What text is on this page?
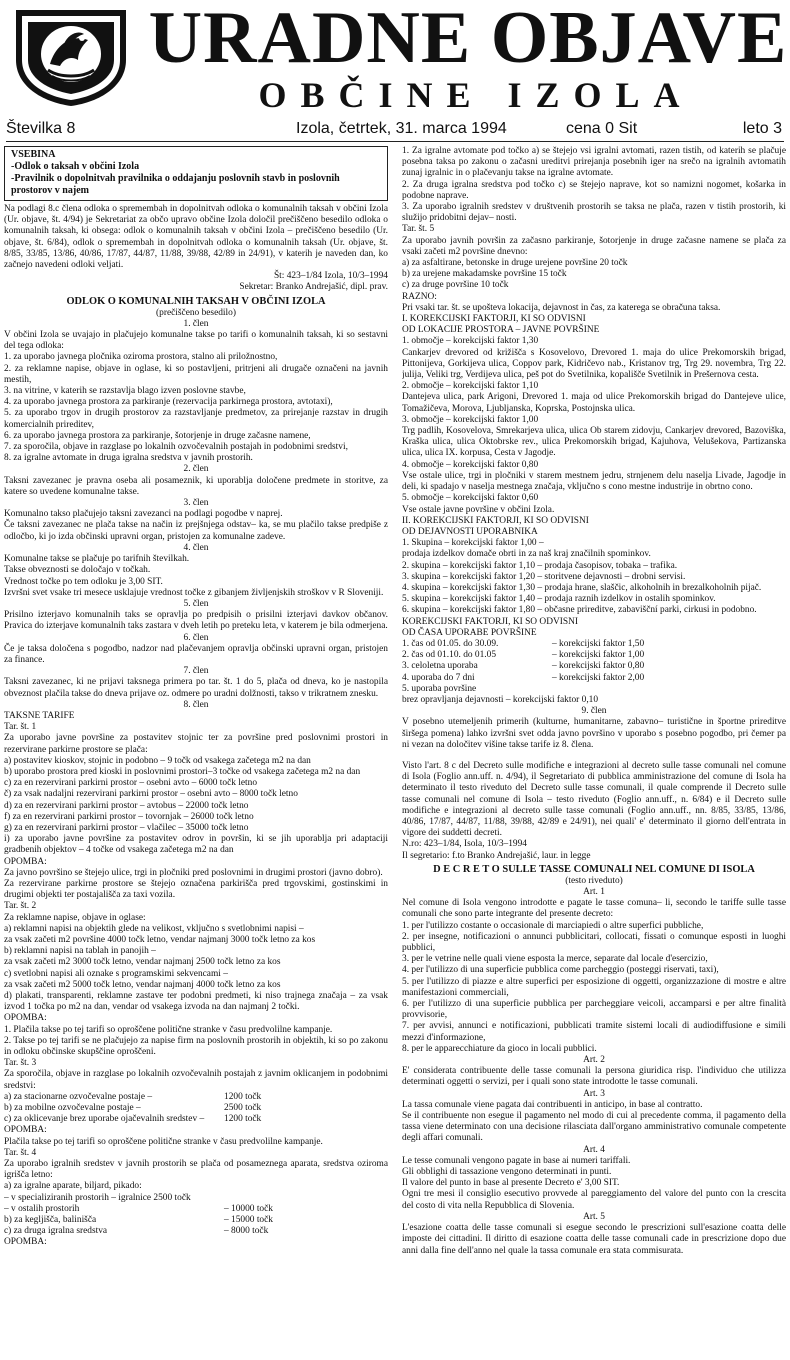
URADNE OBJAVE
OBČINE IZOLA
Številka 8	Izola, četrtek, 31. marca 1994	cena 0 Sit	leto 3
VSEBINA
-Odlok o taksah v občini Izola
-Pravilnik o dopolnitvah pravilnika o oddajanju poslovnih stavb in poslovnih prostorov v najem

Na podlagi 8.c člena odloka o spremembah in dopolnitvah odloka o komunalnih taksah v občini Izola (Ur. objave, št. 4/94) je Sekretariat za občo upravo občine Izola določil prečiščeno besedilo odloka o komunalnih taksah, ki obsega: odlok o komunalnih taksah v občini Izola – prečiščeno besedilo (Ur. objave, št. 6/84), odlok o spremembah in dopolnitvah odloka o komunalnih taksah (Ur. objave, št. 8/85, 33/85, 13/86, 40/86, 17/87, 44/87, 11/88, 39/88, 42/89 in 24/91), v katerih je naveden dan, ko začnejo navedeni odloki veljati.

Št: 423–1/84 Izola, 10/3–1994

Sekretar: Branko Andrejašić, dipl. prav.

ODLOK O KOMUNALNIH TAKSAH V OBČINI IZOLA

(prečiščeno besedilo)

1. člen

V občini Izola se uvajajo in plačujejo komunalne takse po tarifi o komunalnih taksah, ki so sestavni del tega odloka:

1. za uporabo javnega pločnika oziroma prostora, stalno ali priložnostno,

2. za reklamne napise, objave in oglase, ki so postavljeni, pritrjeni ali drugače označeni na javnih mestih,

3. na vitrine, v katerih se razstavlja blago izven poslovne stavbe,

4. za uporabo javnega prostora za parkiranje (rezervacija parkirnega prostora, avtotaxi),

5. za uporabo trgov in drugih prostorov za razstavljanje predmetov, za prirejanje razstav in drugih komercialnih prireditev,

6. za uporabo javnega prostora za parkiranje, šotorjenje in druge začasne namene,

7. za sporočila, objave in razglase po lokalnih ozvočevalnih postajah in podobnimi sredstvi,

8. za igralne avtomate in druga igralna sredstva v javnih prostorih.

2. člen

Taksni zavezanec je pravna oseba ali posameznik, ki uporablja določene predmete in storitve, za katere so uvedene komunalne takse.

3. člen

Komunalno takso plačujejo taksni zavezanci na podlagi pogodbe v naprej.

Če taksni zavezanec ne plača takse na način iz prejšnjega odstav– ka, se mu plačilo takse predpiše z odločbo, ki jo izda občinski upravni organ, pristojen za komunalne zadeve.

4. člen

Komunalne takse se plačuje po tarifnih številkah.

Takse obveznosti se določajo v točkah.

Vrednost točke po tem odloku je 3,00 SIT.

Izvršni svet vsake tri mesece usklajuje vrednost točke z gibanjem življenjskih stroškov v R Sloveniji.

5. člen

Prisilno izterjavo komunalnih taks se opravlja po predpisih o prisilni izterjavi davkov občanov. Pravica do izterjave komunalnih taks zastara v dveh letih po preteku leta, v katerem je bila odmerjena.

6. člen

Če je taksa določena s pogodbo, nadzor nad plačevanjem opravlja občinski upravni organ, pristojen za finance.

7. člen

Taksni zavezanec, ki ne prijavi taksnega primera po tar. št. 1 do 5, plača od dneva, ko je nastopila obveznost plačila takse do dneva prijave oz. odmere po uradni dolžnosti, takso v trikratnem znesku.

8. člen

TAKSNE TARIFE

Tar. št. 1

Za uporabo javne površine za postavitev stojnic ter za površine pred poslovnimi prostori in rezervirane parkirne prostore se plača:

a) postavitev kioskov, stojnic in podobno – 9 točk od vsakega začetega m2 na dan

b) uporabo prostora pred kioski in poslovnimi prostori–3 točke od vsakega začetega m2 na dan

c) za en rezervirani parkirni prostor – osebni avto – 6000 točk letno

č) za vsak nadaljni rezervirani parkirni prostor – osebni avto – 8000 točk letno

d) za en rezervirani parkirni prostor – avtobus – 22000 točk letno

f) za en rezervirani parkirni prostor – tovornjak – 26000 točk letno

g) za en rezervirani parkirni prostor – vlačilec – 35000 točk letno

i) za uporabo javne površine za postavitev odrov in površin, ki se jih uporablja pri adaptaciji gradbenih objektov – 4 točke od vsakega začetega m2 na dan

OPOMBA:

Za javno površino se štejejo ulice, trgi in pločniki pred poslovnimi in drugimi prostori (javno dobro).

Za rezervirane parkirne prostore se štejejo označena parkirišča pred trgovskimi, gostinskimi in drugimi objekti ter postajališča za taxi vozila.

Tar. št. 2

Za reklamne napise, objave in oglase:

a) reklamni napisi na objektih glede na velikost, vključno s svetlobnimi napisi –

za vsak začeti m2 površine 4000 točk letno, vendar najmanj 3000 točk letno za kos

b) reklamni napisi na tablah in panojih –

za vsak začeti m2 3000 točk letno, vendar najmanj 2500 točk letno za kos

c) svetlobni napisi ali oznake s programskimi sekvencami –

za vsak začeti m2 5000 točk letno, vendar najmanj 4000 točk letno za kos

d) plakati, transparenti, reklamne zastave ter podobni predmeti, ki niso trajnega značaja – za vsak izvod 1 točka po m2 na dan, vendar od vsakega izvoda na dan najmanj 2 točki.

OPOMBA:

1. Plačila takse po tej tarifi so oproščene politične stranke v času predvolilne kampanje.

2. Takse po tej tarifi se ne plačujejo za napise firm na poslovnih prostorih in objektih, ki so po zakonu in odloku občinske skupščine oproščeni.

Tar. št. 3

Za sporočila, objave in razglase po lokalnih ozvočevalnih postajah z javnim oklicanjem in podobnimi sredstvi:

a) za stacionarne ozvočevalne postaje –	1200 točk
b) za mobilne ozvočevalne postaje –	2500 točk
c) za oklicevanje brez uporabe ojačevalnih sredstev –	1200 točk

OPOMBA:

Plačila takse po tej tarifi so oproščene politične stranke v času predvolilne kampanje.

Tar. št. 4

Za uporabo igralnih sredstev v javnih prostorih se plača od posameznega aparata, sredstva oziroma igrišča letno:

a) za igralne aparate, biljard, pikado:

– v specializiranih prostorih – igralnice 2500 točk
– v ostalih prostorih	– 10000 točk
b) za kegljišča, balinišča	– 15000 točk
c) za druga igralna sredstva	– 8000 točk

OPOMBA:

1. Za igralne avtomate pod točko a) se štejejo vsi igralni avtomati, razen tistih, od katerih se plačuje posebna taksa po zakonu o začasni ureditvi prirejanja posebnih iger na srečo na igralnih avtomatih zunaj igralnic in o plačevanju takse na igralne avtomate.

2. Za druga igralna sredstva pod točko c) se štejejo naprave, kot so namizni nogomet, košarka in podobne naprave.

3. Za uporabo igralnih sredstev v društvenih prostorih se taksa ne plača, razen v tistih prostorih, ki služijo pridobitni dejav– nosti.

Tar. št. 5

Za uporabo javnih površin za začasno parkiranje, šotorjenje in druge začasne namene se plača za vsaki začeti m2 površine dnevno:

a) za asfaltirane, betonske in druge urejene površine 20 točk

b) za urejene makadamske površine 15 točk

c) za druge površine 10 točk

RAZNO:

Pri vsaki tar. št. se upošteva lokacija, dejavnost in čas, za katerega se obračuna taksa.

I. KOREKCIJSKI FAKTORJI, KI SO ODVISNI

OD LOKACIJE PROSTORA – JAVNE POVRŠINE

1. območje – korekcijski faktor 1,30

Cankarjev drevored od križišča s Kosovelovo, Drevored 1. maja do ulice Prekomorskih brigad, Pittonijeva, Gorkijeva ulica, Coppov park, Kidričevo nab., Kristanov trg, Trg 29. novembra, Trg 22. julija, Veliki trg, Verdijeva ulica, peš pot do Svetilnika, kopališče Svetilnik in Prešernova cesta.

2. območje – korekcijski faktor 1,10

Dantejeva ulica, park Arigoni, Drevored 1. maja od ulice Prekomorskih brigad do Dantejeve ulice, Tomažičeva, Morova, Ljubljanska, Koprska, Postojnska ulica.

3. območje – korekcijski faktor 1,00

Trg padlih, Kosovelova, Smrekarjeva ulica, ulica Ob starem zidovju, Cankarjev drevored, Bazoviška, Kraška ulica, ulica Oktobrske rev., ulica Prekomorskih brigad, Kajuhova, Velušekova, Partizanska ulica, ulica IX. korpusa, Cesta v Jagodje.

4. območje – korekcijski faktor 0,80

Vse ostale ulice, trgi in pločniki v starem mestnem jedru, strnjenem delu naselja Livade, Jagodje in deli, ki spadajo v naselja mestnega značaja, vključno s cono mestne industrije in obrtno cono.

5. območje – korekcijski faktor 0,60

Vse ostale javne površine v občini Izola.

II. KOREKCIJSKI FAKTORJI, KI SO ODVISNI

OD DEJAVNOSTI UPORABNIKA

1. Skupina – korekcijski faktor 1,00 –

prodaja izdelkov domače obrti in za naš kraj značilnih spominkov.

2. skupina – korekcijski faktor 1,10 – prodaja časopisov, tobaka – trafika.

3. skupina – korekcijski faktor 1,20 – storitvene dejavnosti – drobni servisi.

4. skupina – korekcijski faktor 1,30 – prodaja hrane, slaščic, alkoholnih in brezalkoholnih pijač.

5. skupina – korekcijski faktor 1,40 – prodaja raznih izdelkov in ostalih spominkov.

6. skupina – korekcijski faktor 1,80 – občasne prireditve, zabavišční parki, cirkusi in podobno.

KOREKCIJSKI FAKTORJI, KI SO ODVISNI

OD ČASA UPORABE POVRŠINE

1. čas od 01.05. do 30.09.	– korekcijski faktor 1,50
2. čas od 01.10. do 01.05	– korekcijski faktor 1,00
3. celoletna uporaba	– korekcijski faktor 0,80
4. uporaba do 7 dni	– korekcijski faktor 2,00

5. uporaba površine

brez opravljanja dejavnosti – korekcijski faktor 0,10

9. člen

V posebno utemeljenih primerih (kulturne, humanitarne, zabavno– turistične in športne prireditve širšega pomena) lahko izvršni svet odda javno površino v uporabo s posebno pogodbo, pri čemer pa ni vezan na določitev višine takse tarife iz 8. člena.

Visto l'art. 8 c del Decreto sulle modifiche e integrazioni al decreto sulle tasse comunali nel comune di Isola (Foglio ann.uff. n. 4/94), il Segretariato di pubblica amministrazione del comune di Isola ha determinato il testo riveduto del Decreto sulle tasse comunali, il quale comprende il Decreto sulle tasse comunali nel comune di Isola – testo riveduto (Foglio ann.uff., n. 6/84) e il Decreto sulle modifiche e integrazioni al decreto sulle tasse comunali (Foglio ann.uff., nn. 8/85, 33/85, 13/86, 40/86, 17/87, 44/87, 11/88, 39/88, 42/89 e 24/91), nei quali' e' determinato il giorno dell'entrata in vigore dei suddetti decreti.

N.ro: 423–1/84, Isola, 10/3–1994

Il segretario: f.to Branko Andrejašić, laur. in legge

D E C R E T O SULLE TASSE COMUNALI NEL COMUNE DI ISOLA

(testo riveduto)

Art. 1

Nel comune di Isola vengono introdotte e pagate le tasse comuna– li, secondo le tariffe sulle tasse comunali che sono parte integrante del presente decreto:

1. per l'utilizzo costante o occasionale di marciapiedi o altre superfici pubbliche,

2. per insegne, notificazioni o annunci pubblicitari, collocati, fissati o comunque esposti in luoghi pubblici,

3. per le vetrine nelle quali viene esposta la merce, separate dal locale d'esercizio,

4. per l'utilizzo di una superficie pubblica come parcheggio (posteggi riservati, taxi),

5. per l'utilizzo di piazze e altre superfici per esposizione di oggetti, organizzazione di mostre e altre manifestazioni commerciali,

6. per l'utilizzo di una superficie pubblica per parcheggiare veicoli, accamparsi e per altre finalità provvisorie,

7. per avvisi, annunci e notificazioni, pubblicati tramite sistemi locali di audiodiffusione e simili mezzi d'informazione,

8. per le apparecchiature da gioco in locali pubblici.

Art. 2

E' considerata contribuente delle tasse comunali la persona giuridica risp. l'individuo che utilizza determinati oggetti o servizi, per i quali sono state introdotte le tasse comunali.

Art. 3

La tassa comunale viene pagata dai contribuenti in anticipo, in base al contratto.

Se il contribuente non esegue il pagamento nel modo di cui al precedente comma, il pagamento della tassa viene determinato con una decisione rilasciata dall'organo amministrativo comunale competente degli affari comunali.

Art. 4

Le tesse comunali vengono pagate in base ai numeri tariffali.

Gli obblighi di tassazione vengono determinati in punti.

Il valore del punto in base al presente Decreto e' 3,00 SIT.

Ogni tre mesi il consiglio esecutivo provvede al pareggiamento del valore del punto con la crescita del costo di vita nella Repubblica di Slovenia.

Art. 5

L'esazione coatta delle tasse comunali si esegue secondo le prescrizioni sull'esazione coatta delle imposte dei cittadini. Il diritto di esazione coatta delle tasse comunali cade in prescrizione dopo due anni dalla fine dell'anno nel quale la tassa comunale era stata commisurata.
